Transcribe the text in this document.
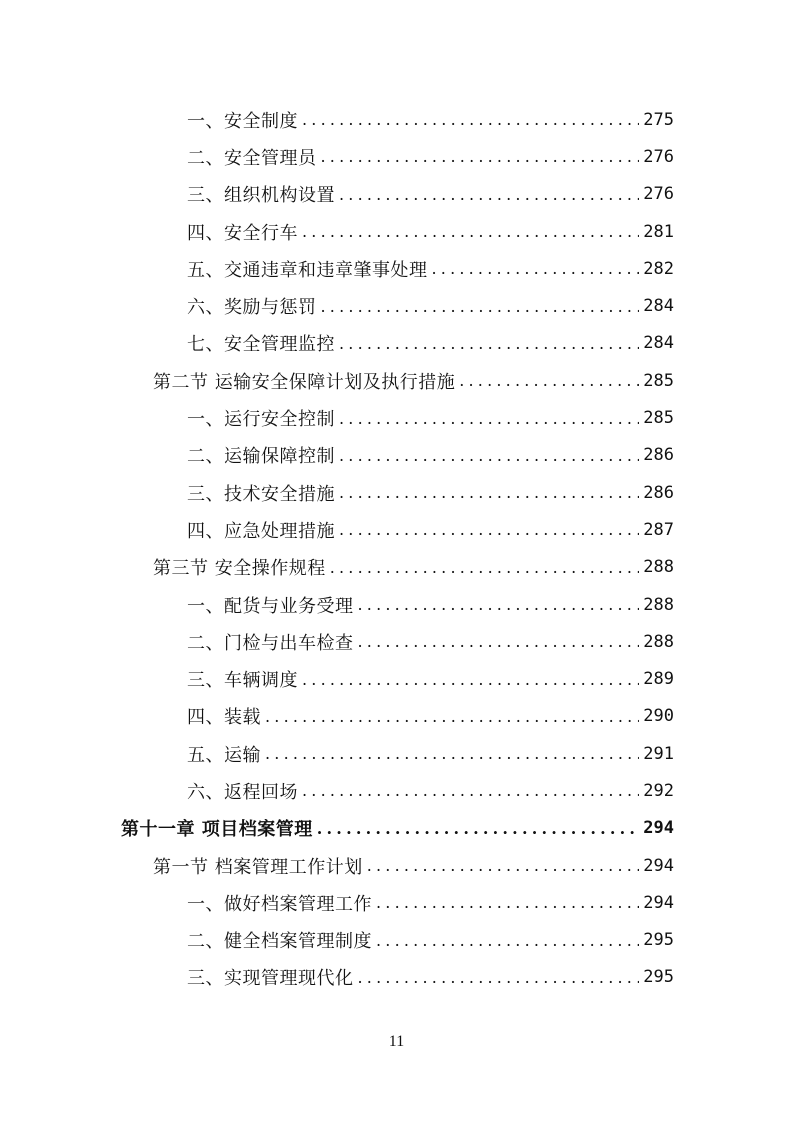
一、安全制度 .....	275
二、安全管理员 .....	276
三、组织机构设置 .....	276
四、安全行车 .....	281
五、交通违章和违章肇事处理 .....	282
六、奖励与惩罚 .....	284
七、安全管理监控 .....	284
第二节 运输安全保障计划及执行措施 .....	285
一、运行安全控制 .....	285
二、运输保障控制 .....	286
三、技术安全措施 .....	286
四、应急处理措施 .....	287
第三节 安全操作规程 .....	288
一、配货与业务受理 .....	288
二、门检与出车检查 .....	288
三、车辆调度 .....	289
四、装载 .....	290
五、运输 .....	291
六、返程回场 .....	292
第十一章 项目档案管理 .....	294
第一节 档案管理工作计划 .....	294
一、做好档案管理工作 .....	294
二、健全档案管理制度 .....	295
三、实现管理现代化 .....	295
11
